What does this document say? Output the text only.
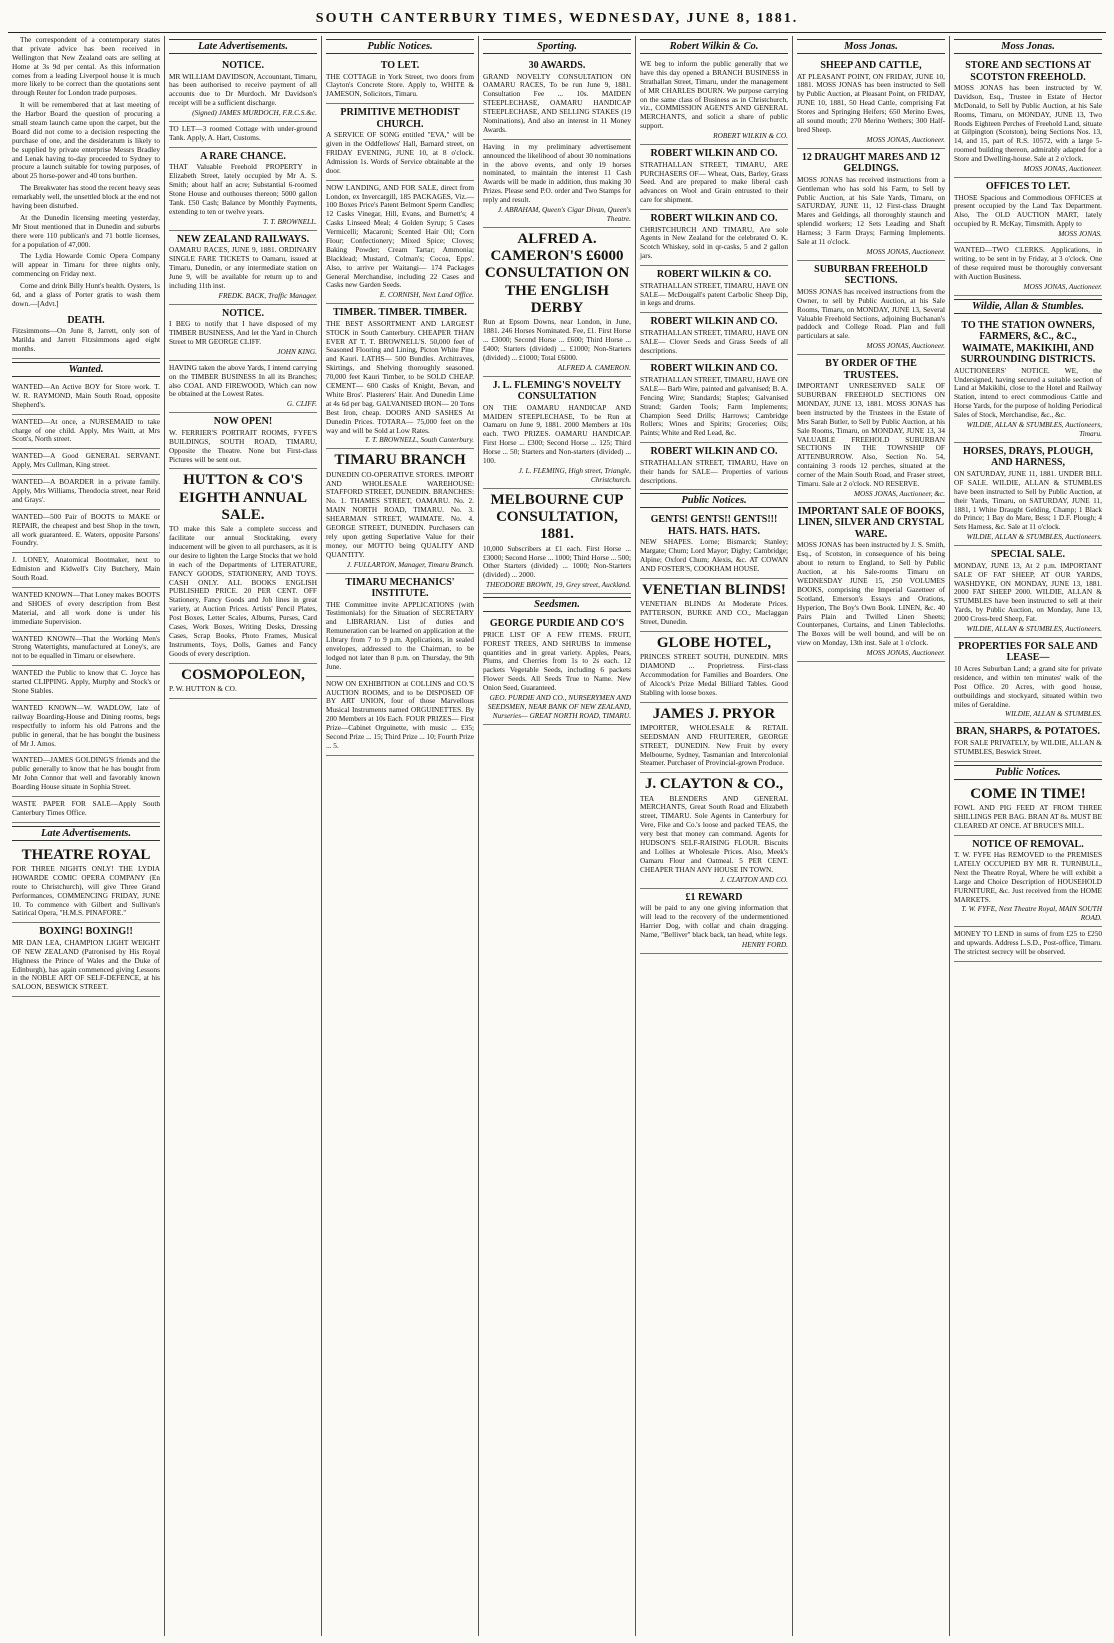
SOUTH CANTERBURY TIMES, WEDNESDAY, JUNE 8, 1881.

The correspondent of a contemporary states that private advice has been received in Wellington that New Zealand oats are selling at Home at 3s 9d per cental. As this information comes from a leading Liverpool house it is much more likely to be correct than the quotations sent through Reuter for London trade purposes.

It will be remembered that at last meeting of the Harbor Board the question of procuring a small steam launch came upon the carpet, but the Board did not come to a decision respecting the purchase of one, and the desideratum is likely to be supplied by private enterprise Messrs Bradley and Lenak having to-day proceeded to Sydney to procure a launch suitable for towing purposes, of about 25 horse-power and 40 tons burthen.

The Breakwater has stood the recent heavy seas remarkably well, the unsettled block at the end not having been disturbed.

At the Dunedin licensing meeting yesterday, Mr Stout mentioned that in Dunedin and suburbs there were 110 publican's and 71 bottle licenses, for a population of 47,000.

The Lydia Howarde Comic Opera Company will appear in Timaru for three nights only, commencing on Friday next.

Come and drink Billy Hunt's health. Oysters, 1s 6d, and a glass of Porter gratis to wash them down.—[Advt.]

DEATH.
Fitzsimmons—On June 8, Jarrett, only son of Matilda and Jarrett Fitzsimmons aged eight months.
Wanted.
WANTED—An Active BOY for Store work. T. W. R. RAYMOND, Main South Road, opposite Shepherd's.
WANTED—At once, a NURSEMAID to take charge of one child. Apply, Mrs Waitt, at Mrs Scott's, North street.
WANTED—A Good GENERAL SERVANT. Apply, Mrs Cullman, King street.
WANTED—A BOARDER in a private family. Apply, Mrs Williams, Theodocia street, near Reid and Grays'.
WANTED—500 Pair of BOOTS to MAKE or REPAIR, the cheapest and best Shop in the town, all work guaranteed. E. Waters, opposite Parsons' Foundry.
J. LONEY, Anatomical Bootmaker, next to Edmiston and Kidwell's City Butchery, Main South Road.
WANTED KNOWN—That Loney makes BOOTS and SHOES of every description from Best Material, and all work done is under his immediate Supervision.
WANTED KNOWN—That the Working Men's Strong Watertights, manufactured at Loney's, are not to be equalled in Timaru or elsewhere.
WANTED the Public to know that C. Joyce has started CLIPPING. Apply, Murphy and Stock's or Stone Stables.
WANTED KNOWN—W. WADLOW, late of railway Boarding-House and Dining rooms, begs respectfully to inform his old Patrons and the public in general, that he has bought the business of Mr J. Amos.
WANTED—JAMES GOLDING'S friends and the public generally to know that he has bought from Mr John Connor that well and favorably known Boarding House situate in Sophia Street.
WASTE PAPER FOR SALE—Apply South Canterbury Times Office.
Late Advertisements.
THEATRE ROYAL
FOR THREE NIGHTS ONLY! THE LYDIA HOWARDE COMIC OPERA COMPANY (En route to Christchurch), will give Three Grand Performances, COMMENCING FRIDAY, JUNE 10. To commence with Gilbert and Sullivan's Satirical Opera, "H.M.S. PINAFORE."
BOXING! BOXING!!
MR DAN LEA, CHAMPION LIGHT WEIGHT OF NEW ZEALAND (Patronised by His Royal Highness the Prince of Wales and the Duke of Edinburgh), has again commenced giving Lessons in the NOBLE ART OF SELF-DEFENCE, at his SALOON, BESWICK STREET.
Late Advertisements.
NOTICE.
MR WILLIAM DAVIDSON, Accountant, Timaru, has been authorised to receive payment of all accounts due to Dr Murdoch. Mr Davidson's receipt will be a sufficient discharge.
(Signed) JAMES MURDOCH, F.R.C.S.&c.
TO LET—3 roomed Cottage with under-ground Tank. Apply, A. Hart, Customs.
A RARE CHANCE.
THAT Valuable Freehold PROPERTY in Elizabeth Street, lately occupied by Mr A. S. Smith; about half an acre; Substantial 6-roomed Stone House and outhouses thereon; 5000 gallon Tank. £50 Cash; Balance by Monthly Payments, extending to ten or twelve years.
T. T. BROWNELL.
NEW ZEALAND RAILWAYS.
OAMARU RACES, JUNE 9, 1881. ORDINARY SINGLE FARE TICKETS to Oamaru, issued at Timaru, Dunedin, or any intermediate station on June 9, will be available for return up to and including 11th inst.
FREDK. BACK, Traffic Manager.
NOTICE.
I BEG to notify that I have disposed of my TIMBER BUSINESS, And let the Yard in Church Street to MR GEORGE CLIFF.
JOHN KING.
HAVING taken the above Yards, I intend carrying on the TIMBER BUSINESS In all its Branches; also COAL AND FIREWOOD, Which can now be obtained at the Lowest Rates.
G. CLIFF.
NOW OPEN!
W. FERRIER'S PORTRAIT ROOMS, FYFE'S BUILDINGS, SOUTH ROAD, TIMARU, Opposite the Theatre. None but First-class Pictures will be sent out.
HUTTON & CO'S EIGHTH ANNUAL SALE.
TO make this Sale a complete success and facilitate our annual Stocktaking, every inducement will be given to all purchasers, as it is our desire to lighten the Large Stocks that we hold in each of the Departments of LITERATURE, FANCY GOODS, STATIONERY, AND TOYS. CASH ONLY. ALL BOOKS ENGLISH PUBLISHED PRICE. 20 PER CENT. OFF Stationery, Fancy Goods and Job lines in great variety, at Auction Prices. Artists' Pencil Plates, Post Boxes, Letter Scales, Albums, Purses, Card Cases, Work Boxes, Writing Desks, Dressing Cases, Scrap Books, Photo Frames, Musical Instruments, Toys, Dolls, Games and Fancy Goods of every description.
COSMOPOLEON,
P. W. HUTTON & CO.
Public Notices.
TO LET.
THE COTTAGE in York Street, two doors from Clayton's Concrete Store. Apply to, WHITE & JAMESON, Solicitors, Timaru.
PRIMITIVE METHODIST CHURCH.
A SERVICE OF SONG entitled "EVA," will be given in the Oddfellows' Hall, Barnard street, on FRIDAY EVENING, JUNE 10, at 8 o'clock. Admission 1s. Words of Service obtainable at the door.
NOW LANDING, AND FOR SALE, direct from London, ex Invercargill, 185 PACKAGES, Viz.— 100 Boxes Price's Patent Belmont Sperm Candles; 12 Casks Vinegar, Hill, Evans, and Burnett's; 4 Casks Linseed Meal; 4 Golden Syrup; 5 Cases Vermicelli; Macaroni; Scented Hair Oil; Corn Flour; Confectionery; Mixed Spice; Cloves; Baking Powder; Cream Tartar; Ammonia; Blacklead; Mustard, Colman's; Cocoa, Epps'. Also, to arrive per Waitangi— 174 Packages General Merchandise, including 22 Cases and Casks new Garden Seeds.
E. CORNISH, Next Land Office.
TIMBER. TIMBER. TIMBER.
THE BEST ASSORTMENT AND LARGEST STOCK in South Canterbury. CHEAPER THAN EVER AT T. T. BROWNELL'S. 50,000 feet of Seasoned Flooring and Lining, Picton White Pine and Kauri. LATHS— 500 Bundles. Architraves, Skirtings, and Shelving thoroughly seasoned. 70,000 feet Kauri Timber, to be SOLD CHEAP. CEMENT— 600 Casks of Knight, Bevan, and White Bros'. Plasterers' Hair. And Dunedin Lime at 4s 6d per bag. GALVANISED IRON— 20 Tons Best Iron, cheap. DOORS AND SASHES At Dunedin Prices. TOTARA— 75,000 feet on the way and will be Sold at Low Rates.
T. T. BROWNELL, South Canterbury.
TIMARU BRANCH
DUNEDIN CO-OPERATIVE STORES. IMPORT AND WHOLESALE WAREHOUSE: STAFFORD STREET, DUNEDIN. BRANCHES: No. 1. THAMES STREET, OAMARU. No. 2. MAIN NORTH ROAD, TIMARU. No. 3. SHEARMAN STREET, WAIMATE. No. 4. GEORGE STREET, DUNEDIN. Purchasers can rely upon getting Superlative Value for their money, our MOTTO being QUALITY AND QUANTITY.
J. FULLARTON, Manager, Timaru Branch.
TIMARU MECHANICS' INSTITUTE.
THE Committee invite APPLICATIONS (with Testimonials) for the Situation of SECRETARY and LIBRARIAN. List of duties and Remuneration can be learned on application at the Library from 7 to 9 p.m. Applications, in sealed envelopes, addressed to the Chairman, to be lodged not later than 8 p.m. on Thursday, the 9th June.
NOW ON EXHIBITION at COLLINS and CO.'S AUCTION ROOMS, and to be DISPOSED OF BY ART UNION, four of those Marvellous Musical Instruments named ORGUINETTES. By 200 Members at 10s Each. FOUR PRIZES— First Prize—Cabinet Orguinette, with music ... £35; Second Prize ... 15; Third Prize ... 10; Fourth Prize ... 5.
Sporting.
30 AWARDS.
GRAND NOVELTY CONSULTATION ON OAMARU RACES, To be run June 9, 1881. Consultation Fee ... 10s. MAIDEN STEEPLECHASE, OAMARU HANDICAP STEEPLECHASE, AND SELLING STAKES (19 Nominations), And also an interest in 11 Money Awards.
Having in my preliminary advertisement announced the likelihood of about 30 nominations in the above events, and only 19 horses nominated, to maintain the interest 11 Cash Awards will be made in addition, thus making 30 Prizes. Please send P.O. order and Two Stamps for reply and result.
J. ABRAHAM, Queen's Cigar Divan, Queen's Theatre.
ALFRED A. CAMERON'S £6000 CONSULTATION ON THE ENGLISH DERBY
Run at Epsom Downs, near London, in June, 1881. 246 Horses Nominated. Fee, £1. First Horse ... £3000; Second Horse ... £600; Third Horse ... £400; Starters (divided) ... £1000; Non-Starters (divided) ... £1000; Total £6000.
ALFRED A. CAMERON.
J. L. FLEMING'S NOVELTY CONSULTATION
ON THE OAMARU HANDICAP AND MAIDEN STEEPLECHASE, To be Run at Oamaru on June 9, 1881. 2000 Members at 10s each. TWO PRIZES. OAMARU HANDICAP. First Horse ... £300; Second Horse ... 125; Third Horse ... 50; Starters and Non-starters (divided) ... 100.
J. L. FLEMING, High street, Triangle, Christchurch.
MELBOURNE CUP CONSULTATION, 1881.
10,000 Subscribers at £1 each. First Horse ... £3000; Second Horse ... 1000; Third Horse ... 500; Other Starters (divided) ... 1000; Non-Starters (divided) ... 2000.
THEODORE BROWN, 19, Grey street, Auckland.
Seedsmen.
GEORGE PURDIE AND CO'S
PRICE LIST OF A FEW ITEMS. FRUIT, FOREST TREES, AND SHRUBS In immense quantities and in great variety. Apples, Pears, Plums, and Cherries from 1s to 2s each. 12 packets Vegetable Seeds, including 6 packets Flower Seeds. All Seeds True to Name. New Onion Seed, Guaranteed.
GEO. PURDIE AND CO., NURSERYMEN AND SEEDSMEN, NEAR BANK OF NEW ZEALAND, Nurseries— GREAT NORTH ROAD, TIMARU.
Robert Wilkin & Co.
WE beg to inform the public generally that we have this day opened a BRANCH BUSINESS in Strathallan Street, Timaru, under the management of MR CHARLES BOURN. We purpose carrying on the same class of Business as in Christchurch, viz., COMMISSION AGENTS AND GENERAL MERCHANTS, and solicit a share of public support.
ROBERT WILKIN & CO.
ROBERT WILKIN AND CO.
STRATHALLAN STREET, TIMARU, ARE PURCHASERS OF— Wheat, Oats, Barley, Grass Seed. And are prepared to make liberal cash advances on Wool and Grain entrusted to their care for shipment.
ROBERT WILKIN AND CO.
CHRISTCHURCH AND TIMARU, Are sole Agents in New Zealand for the celebrated O. K. Scotch Whiskey, sold in qr-casks, 5 and 2 gallon jars.
ROBERT WILKIN & CO.
STRATHALLAN STREET, TIMARU, HAVE ON SALE— McDougall's patent Carbolic Sheep Dip, in kegs and drums.
ROBERT WILKIN AND CO.
STRATHALLAN STREET, TIMARU, HAVE ON SALE— Clover Seeds and Grass Seeds of all descriptions.
ROBERT WILKIN AND CO.
STRATHALLAN STREET, TIMARU, HAVE ON SALE— Barb Wire, painted and galvanised; B. A. Fencing Wire; Standards; Staples; Galvanised Strand; Garden Tools; Farm Implements; Champion Seed Drills; Harrows; Cambridge Rollers; Wines and Spirits; Groceries; Oils; Paints; White and Red Lead, &c.
ROBERT WILKIN AND CO.
STRATHALLAN STREET, TIMARU, Have on their hands for SALE— Properties of various descriptions.
Public Notices.
GENTS! GENTS!! GENTS!!! HATS. HATS. HATS.
NEW SHAPES. Lorne; Bismarck; Stanley; Margate; Chum; Lord Mayor; Digby; Cambridge; Alpine; Oxford Chum; Alexis, &c. AT COWAN AND FOSTER'S, COOKHAM HOUSE.
VENETIAN BLINDS!
VENETIAN BLINDS At Moderate Prices. PATTERSON, BURKE AND CO., Maclaggan Street, Dunedin.
GLOBE HOTEL,
PRINCES STREET SOUTH, DUNEDIN. MRS DIAMOND ... Proprietress. First-class Accommodation for Families and Boarders. One of Alcock's Prize Medal Billiard Tables. Good Stabling with loose boxes.
JAMES J. PRYOR
IMPORTER, WHOLESALE & RETAIL SEEDSMAN AND FRUITERER, GEORGE STREET, DUNEDIN. New Fruit by every Melbourne, Sydney, Tasmanian and Intercolonial Steamer. Purchaser of Provincial-grown Produce.
J. CLAYTON & CO.,
TEA BLENDERS AND GENERAL MERCHANTS, Great South Road and Elizabeth street, TIMARU. Sole Agents in Canterbury for Vere, Fike and Co.'s loose and packed TEAS, the very best that money can command. Agents for HUDSON'S SELF-RAISING FLOUR. Biscuits and Lollies at Wholesale Prices. Also, Meek's Oamaru Flour and Oatmeal. 5 PER CENT. CHEAPER THAN ANY HOUSE IN TOWN.
J. CLAYTON AND CO.
£1 REWARD
will be paid to any one giving information that will lead to the recovery of the undermentioned Harrier Dog, with collar and chain dragging. Name, "Belliver" black back, tan head, white legs.
HENRY FORD.
Moss Jonas.
SHEEP AND CATTLE,
AT PLEASANT POINT, ON FRIDAY, JUNE 10, 1881. MOSS JONAS has been instructed to Sell by Public Auction, at Pleasant Point, on FRIDAY, JUNE 10, 1881, 50 Head Cattle, comprising Fat Stores and Springing Heifers; 650 Merino Ewes, all sound mouth; 270 Merino Wethers; 300 Half-bred Sheep.
MOSS JONAS, Auctioneer.
12 DRAUGHT MARES AND 12 GELDINGS.
MOSS JONAS has received instructions from a Gentleman who has sold his Farm, to Sell by Public Auction, at his Sale Yards, Timaru, on SATURDAY, JUNE 11, 12 First-class Draught Mares and Geldings, all thoroughly staunch and splendid workers; 12 Sets Leading and Shaft Harness; 3 Farm Drays; Farming Implements. Sale at 11 o'clock.
MOSS JONAS, Auctioneer.
SUBURBAN FREEHOLD SECTIONS.
MOSS JONAS has received instructions from the Owner, to sell by Public Auction, at his Sale Rooms, Timaru, on MONDAY, JUNE 13, Several Valuable Freehold Sections, adjoining Buchanan's paddock and College Road. Plan and full particulars at sale.
MOSS JONAS, Auctioneer.
BY ORDER OF THE TRUSTEES.
IMPORTANT UNRESERVED SALE OF SUBURBAN FREEHOLD SECTIONS ON MONDAY, JUNE 13, 1881. MOSS JONAS has been instructed by the Trustees in the Estate of Mrs Sarah Butler, to Sell by Public Auction, at his Sale Rooms, Timaru, on MONDAY, JUNE 13, 34 VALUABLE FREEHOLD SUBURBAN SECTIONS IN THE TOWNSHIP OF ATTENBURROW. Also, Section No. 54, containing 3 roods 12 perches, situated at the corner of the Main South Road, and Fraser street, Timaru. Sale at 2 o'clock. NO RESERVE.
MOSS JONAS, Auctioneer, &c.
IMPORTANT SALE OF BOOKS, LINEN, SILVER AND CRYSTAL WARE.
MOSS JONAS has been instructed by J. S. Smith, Esq., of Scotston, in consequence of his being about to return to England, to Sell by Public Auction, at his Sale-rooms Timaru on WEDNESDAY JUNE 15, 250 VOLUMES BOOKS, comprising the Imperial Gazetteer of Scotland, Emerson's Essays and Orations, Hyperion, The Boy's Own Book. LINEN, &c. 40 Pairs Plain and Twilled Linen Sheets; Counterpanes, Curtains, and Linen Tablecloths. The Boxes will be well bound, and will be on view on Monday, 13th inst. Sale at 1 o'clock.
MOSS JONAS, Auctioneer.
Moss Jonas.
STORE AND SECTIONS AT SCOTSTON FREEHOLD.
MOSS JONAS has been instructed by W. Davidson, Esq., Trustee in Estate of Hector McDonald, to Sell by Public Auction, at his Sale Rooms, Timaru, on MONDAY, JUNE 13, Two Roods Eighteen Perches of Freehold Land, situate at Gilpington (Scotston), being Sections Nos. 13, 14, and 15, part of R.S. 10572, with a large 5-roomed building thereon, admirably adapted for a Store and Dwelling-house. Sale at 2 o'clock.
MOSS JONAS, Auctioneer.
OFFICES TO LET.
THOSE Spacious and Commodious OFFICES at present occupied by the Land Tax Department. Also, The OLD AUCTION MART, lately occupied by R. McKay, Timsmith. Apply to
MOSS JONAS.
WANTED—TWO CLERKS. Applications, in writing, to be sent in by Friday, at 3 o'clock. One of these required must be thoroughly conversant with Auction Business.
MOSS JONAS, Auctioneer.
Wildie, Allan & Stumbles.
TO THE STATION OWNERS, FARMERS, &C., &C., WAIMATE, MAKIKIHI, AND SURROUNDING DISTRICTS.
AUCTIONEERS' NOTICE. WE, the Undersigned, having secured a suitable section of Land at Makikihi, close to the Hotel and Railway Station, intend to erect commodious Cattle and Horse Yards, for the purpose of holding Periodical Sales of Stock, Merchandise, &c., &c.
WILDIE, ALLAN & STUMBLES, Auctioneers, Timaru.
HORSES, DRAYS, PLOUGH, AND HARNESS,
ON SATURDAY, JUNE 11, 1881. UNDER BILL OF SALE. WILDIE, ALLAN & STUMBLES have been instructed to Sell by Public Auction, at their Yards, Timaru, on SATURDAY, JUNE 11, 1881, 1 White Draught Gelding, Champ; 1 Black do Prince; 1 Bay do Mare, Bess; 1 D.F. Plough; 4 Sets Harness, &c. Sale at 11 o'clock.
WILDIE, ALLAN & STUMBLES, Auctioneers.
SPECIAL SALE.
MONDAY, JUNE 13, At 2 p.m. IMPORTANT SALE OF FAT SHEEP, AT OUR YARDS, WASHDYKE, ON MONDAY, JUNE 13, 1881. 2000 FAT SHEEP 2000. WILDIE, ALLAN & STUMBLES have been instructed to sell at their Yards, by Public Auction, on Monday, June 13, 2000 Cross-bred Sheep, Fat.
WILDIE, ALLAN & STUMBLES, Auctioneers.
PROPERTIES FOR SALE AND LEASE—
10 Acres Suburban Land; a grand site for private residence, and within ten minutes' walk of the Post Office. 20 Acres, with good house, outbuildings and stockyard, situated within two miles of Geraldine.
WILDIE, ALLAN & STUMBLES.
BRAN, SHARPS, & POTATOES.
FOR SALE PRIVATELY, by WILDIE, ALLAN & STUMBLES, Beswick Street.
Public Notices.
COME IN TIME!
FOWL AND PIG FEED AT FROM THREE SHILLINGS PER BAG. BRAN AT 8s. MUST BE CLEARED AT ONCE. AT BRUCE'S MILL.
NOTICE OF REMOVAL.
T. W. FYFE Has REMOVED to the PREMISES LATELY OCCUPIED BY MR R. TURNBULL, Next the Theatre Royal, Where he will exhibit a Large and Choice Description of HOUSEHOLD FURNITURE, &c. Just received from the HOME MARKETS.
T. W. FYFE, Next Theatre Royal, MAIN SOUTH ROAD.
MONEY TO LEND in sums of from £25 to £250 and upwards. Address L.S.D., Post-office, Timaru. The strictest secrecy will be observed.
